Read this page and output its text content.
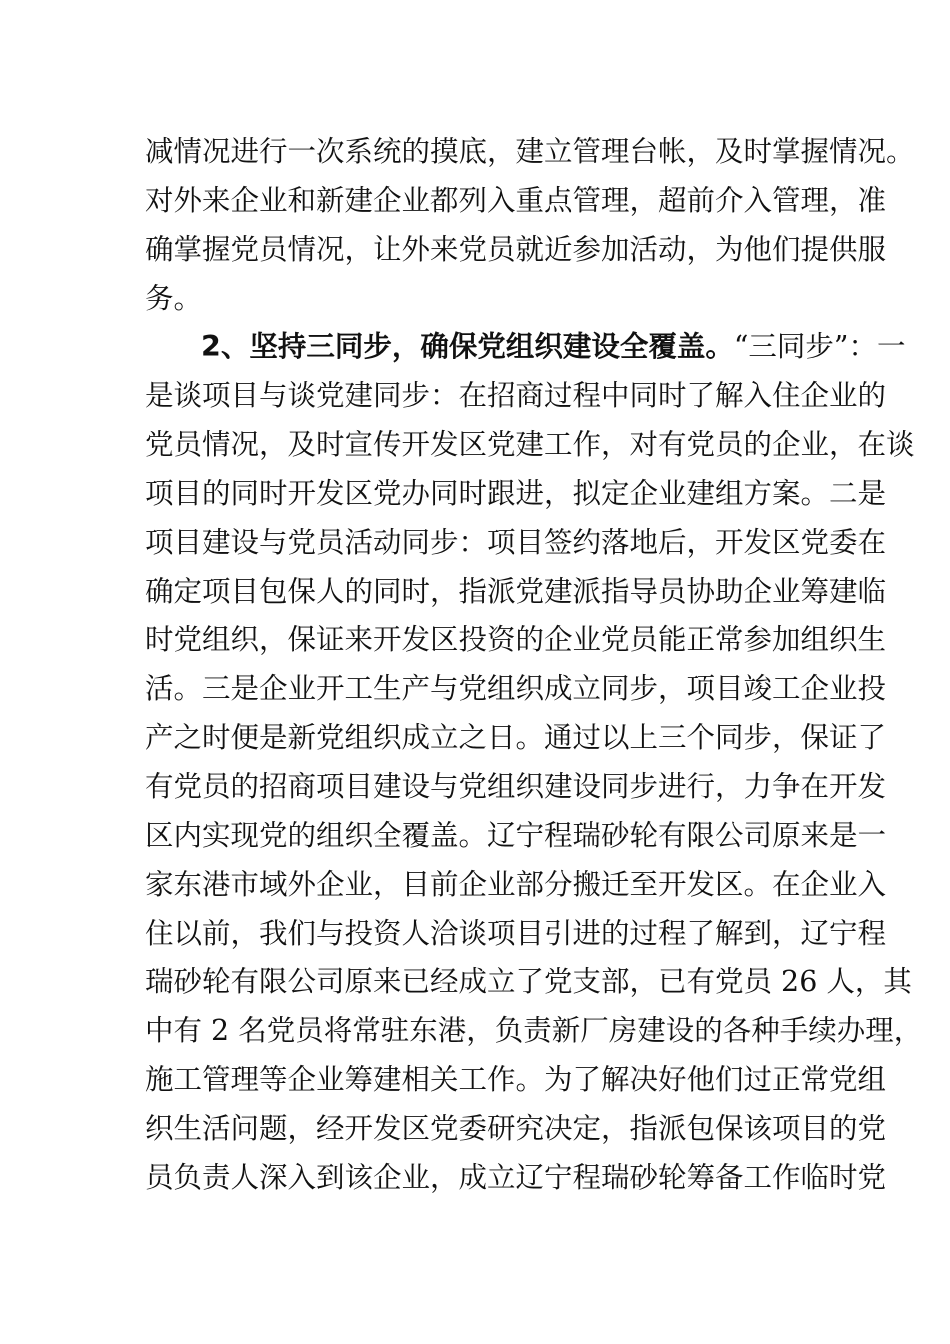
减情况进行一次系统的摸底，建立管理台帐，及时掌握情况。
对外来企业和新建企业都列入重点管理，超前介入管理，准
确掌握党员情况，让外来党员就近参加活动，为他们提供服
务。
2、坚持三同步，确保党组织建设全覆盖。“三同步”：一
是谈项目与谈党建同步：在招商过程中同时了解入住企业的
党员情况，及时宣传开发区党建工作，对有党员的企业，在谈
项目的同时开发区党办同时跟进，拟定企业建组方案。二是
项目建设与党员活动同步：项目签约落地后，开发区党委在
确定项目包保人的同时，指派党建派指导员协助企业筹建临
时党组织，保证来开发区投资的企业党员能正常参加组织生
活。三是企业开工生产与党组织成立同步，项目竣工企业投
产之时便是新党组织成立之日。通过以上三个同步，保证了
有党员的招商项目建设与党组织建设同步进行，力争在开发
区内实现党的组织全覆盖。辽宁程瑞砂轮有限公司原来是一
家东港市域外企业，目前企业部分搬迁至开发区。在企业入
住以前，我们与投资人洽谈项目引进的过程了解到，辽宁程
瑞砂轮有限公司原来已经成立了党支部，已有党员 26 人，其
中有 2 名党员将常驻东港，负责新厂房建设的各种手续办理，
施工管理等企业筹建相关工作。为了解决好他们过正常党组
织生活问题，经开发区党委研究决定，指派包保该项目的党
员负责人深入到该企业，成立辽宁程瑞砂轮筹备工作临时党
